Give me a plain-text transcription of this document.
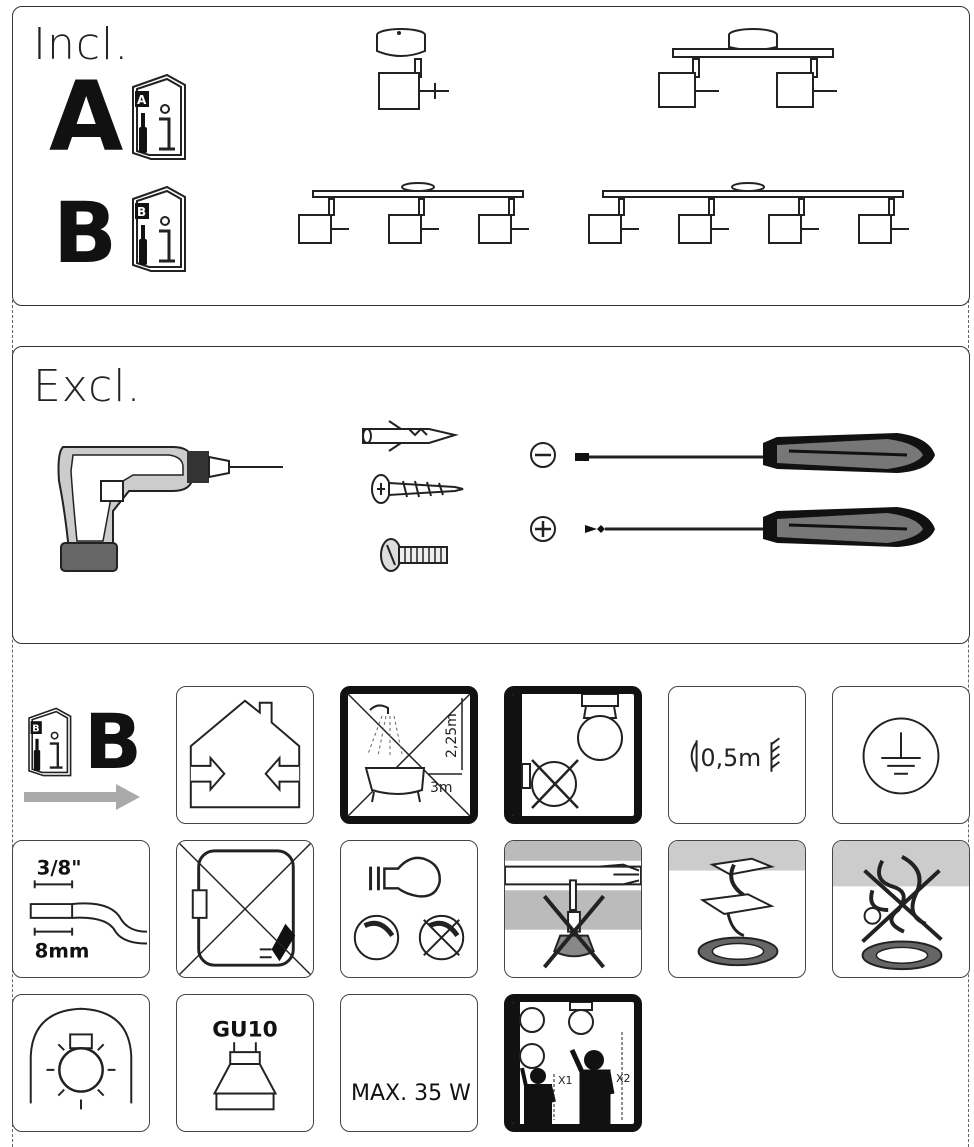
Incl.
A
B
A
B
Excl.
B B	2,25m
3m
0,5m
3/8"
8mm
GU10
MAX. 35 W
X1	X2
